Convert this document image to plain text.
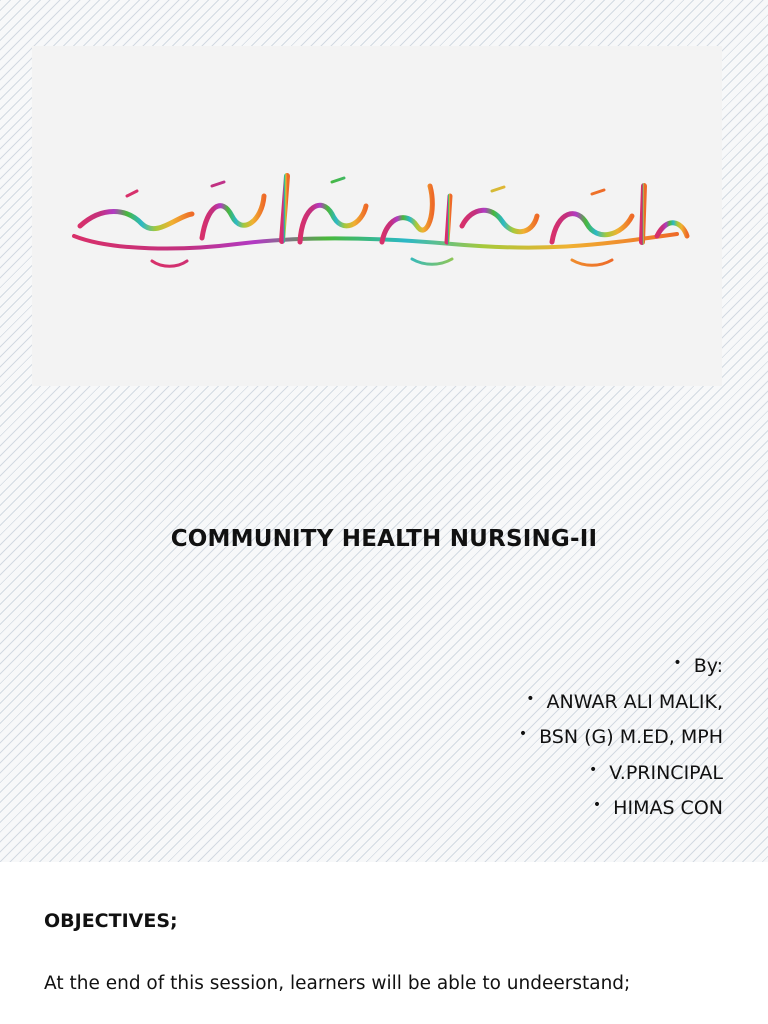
COMMUNITY HEALTH NURSING-II
• By:
• ANWAR ALI MALIK,
• BSN (G) M.ED, MPH
• V.PRINCIPAL
• HIMAS CON
OBJECTIVES;
At the end of this session, learners will be able to undeerstand;
